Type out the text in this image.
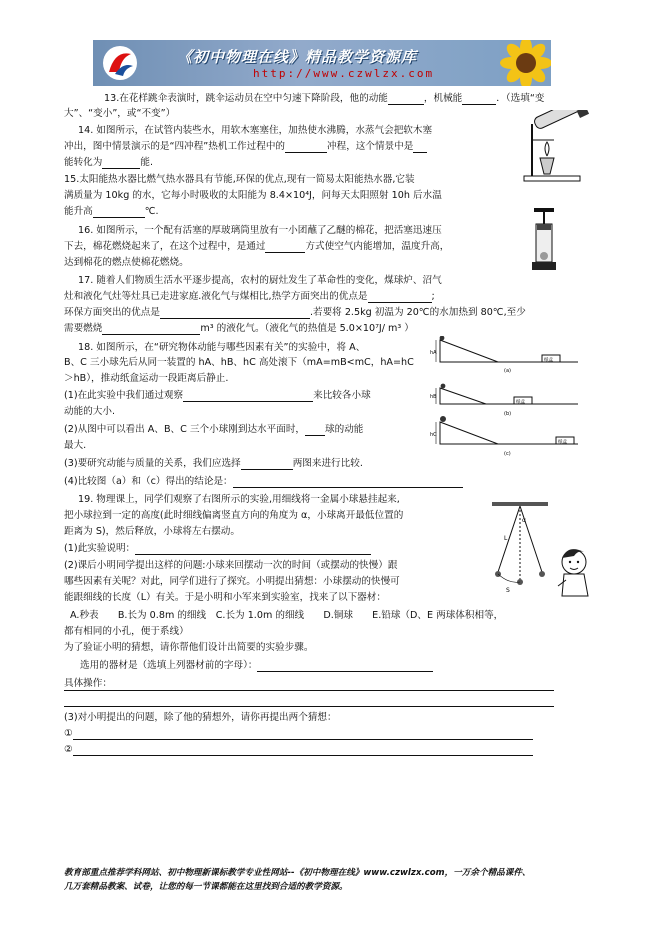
《初中物理在线》精品教学资源库
http://www.czwlzx.com
13.在花样跳伞表演时，跳伞运动员在空中匀速下降阶段，他的动能	，机械能	．（选填“变
大”、“变小”，或“不变”）
14. 如图所示，在试管内装些水，用软木塞塞住，加热使水沸腾，水蒸气会把软木塞
冲出，图中情景演示的是“四冲程”热机工作过程中的	冲程，这个情景中是
能转化为	能.
15.太阳能热水器比燃气热水器具有节能,环保的优点,现有一简易太阳能热水器,它装
满质量为 10kg 的水，它每小时吸收的太阳能为 8.4×10⁴J，问每天太阳照射 10h 后水温
能升高	℃.
16. 如图所示，一个配有活塞的厚玻璃筒里放有一小团蘸了乙醚的棉花，把活塞迅速压
下去，棉花燃烧起来了，在这个过程中，是通过	方式使空气内能增加，温度升高，
达到棉花的燃点使棉花燃烧。
17. 随着人们物质生活水平逐步提高，农村的厨灶发生了革命性的变化，煤球炉、沼气
灶和液化气灶等灶具已走进家庭.液化气与煤相比,热学方面突出的优点是	;
环保方面突出的优点是	.若要将 2.5kg 初温为 20℃的水加热到 80℃,至少
需要燃烧	m³ 的液化气。（液化气的热值是 5.0×10⁷J/ m³ ）
18. 如图所示，在“研究物体动能与哪些因素有关”的实验中，将 A、
B、C 三小球先后从同一装置的 hA、hB、hC 高处滚下（mA=mB<mC，hA=hC
＞hB），推动纸盒运动一段距离后静止.
(1)在此实验中我们通过观察	来比较各小球
动能的大小.
(2)从图中可以看出 A、B、C 三个小球刚到达水平面时， 球的动能
最大.
(3)要研究动能与质量的关系，我们应选择	两图来进行比较.
(4)比较图（a）和（c）得出的结论是：
hA
纸盒
(a)
hB
纸盒
(b)
hC
纸盒
(c)
19. 物理课上，同学们观察了右图所示的实验,用细线将一金属小球悬挂起来,
把小球拉到一定的高度(此时细线偏离竖直方向的角度为 α，小球离开最低位置的
距离为 S)，然后释放，小球将左右摆动。
(1)此实验说明：
(2)课后小明同学提出这样的问题:小球来回摆动一次的时间（或摆动的快慢）跟
哪些因素有关呢？对此，同学们进行了探究。小明提出猜想：小球摆动的快慢可
能跟细线的长度（L）有关。于是小明和小军来到实验室，找来了以下器材：
A.秒表　　B.长为 0.8m 的细线　C.长为 1.0m 的细线　　D.铜球　　E.铅球（D、E 两球体积相等，
都有相同的小孔，便于系线）
为了验证小明的猜想，请你帮他们设计出简要的实验步骤。
选用的器材是（选填上列器材前的字母）：
具体操作：
(3)对小明提出的问题，除了他的猜想外，请你再提出两个猜想：
①
②
L
α
S
教育部重点推荐学科网站、初中物理新课标教学专业性网站--《初中物理在线》www.czwlzx.com，一万余个精品课件、
几万套精品教案、试卷，让您的每一节课都能在这里找到合适的教学资源。
